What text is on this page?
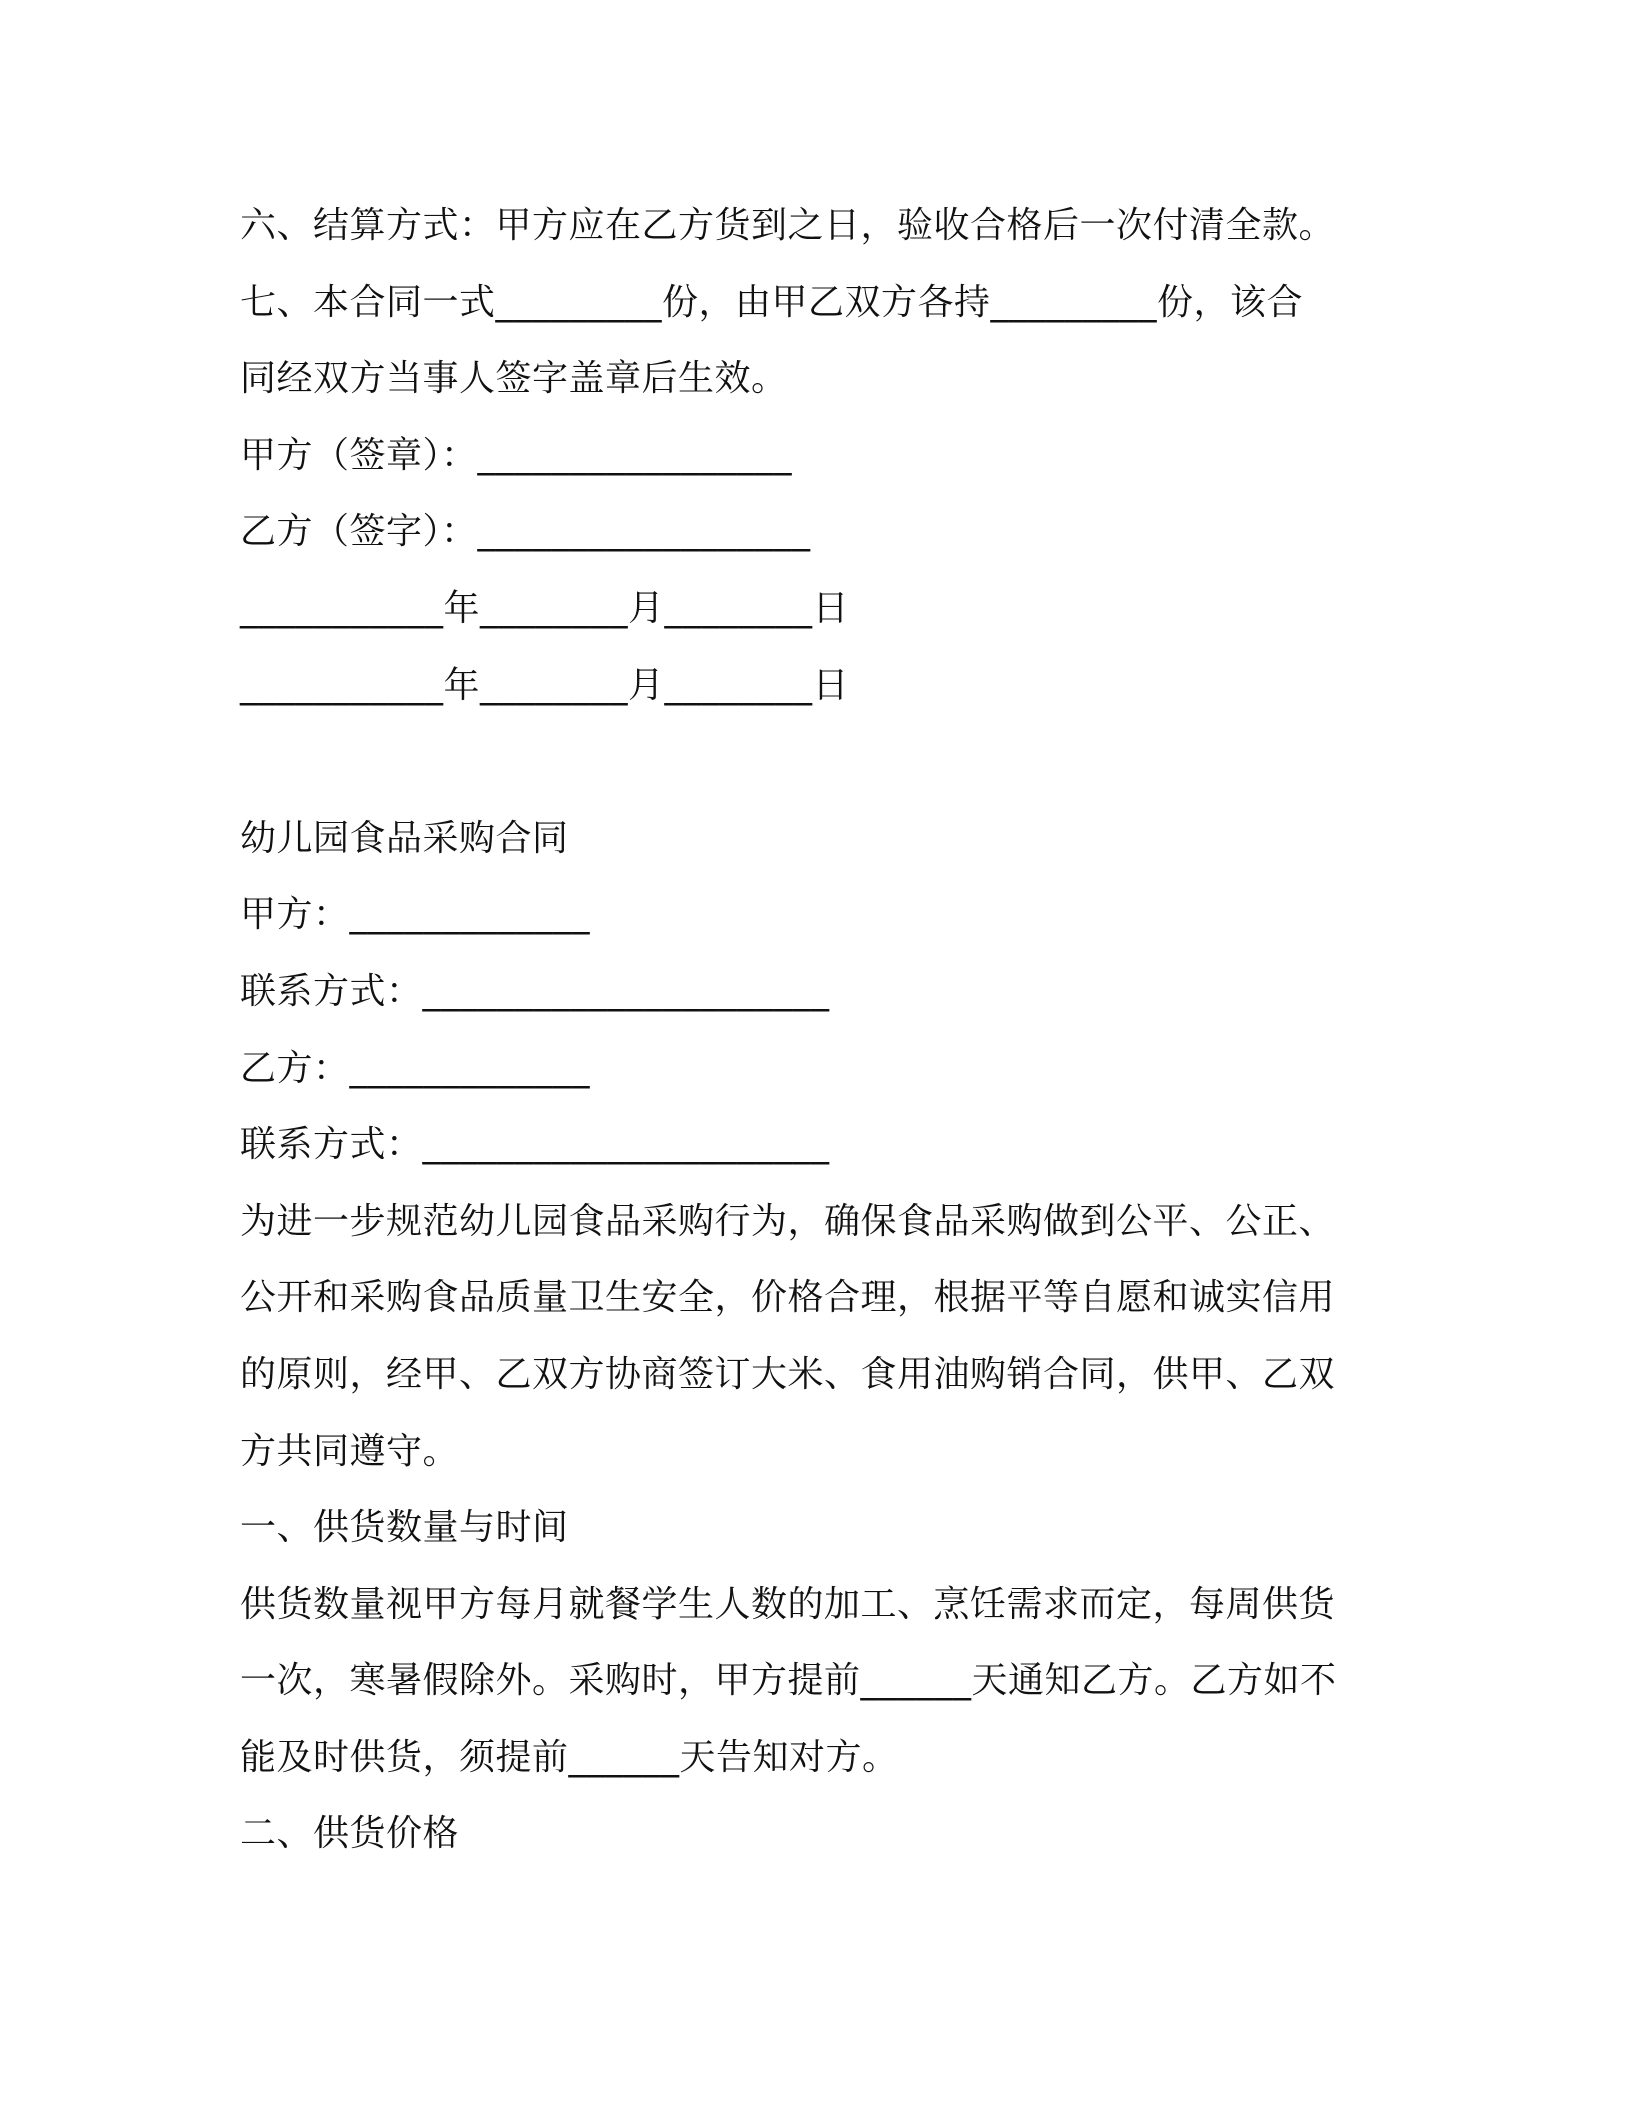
六、结算方式：甲方应在乙方货到之日，验收合格后一次付清全款。
七、本合同一式_________份，由甲乙双方各持_________份，该合
同经双方当事人签字盖章后生效。
甲方（签章）：_________________
乙方（签字）：__________________
___________年________月________日
___________年________月________日
幼儿园食品采购合同
甲方：_____________
联系方式：______________________
乙方：_____________
联系方式：______________________
为进一步规范幼儿园食品采购行为，确保食品采购做到公平、公正、
公开和采购食品质量卫生安全，价格合理，根据平等自愿和诚实信用
的原则，经甲、乙双方协商签订大米、食用油购销合同，供甲、乙双
方共同遵守。
一、供货数量与时间
供货数量视甲方每月就餐学生人数的加工、烹饪需求而定，每周供货
一次，寒暑假除外。采购时，甲方提前______天通知乙方。乙方如不
能及时供货，须提前______天告知对方。
二、供货价格
